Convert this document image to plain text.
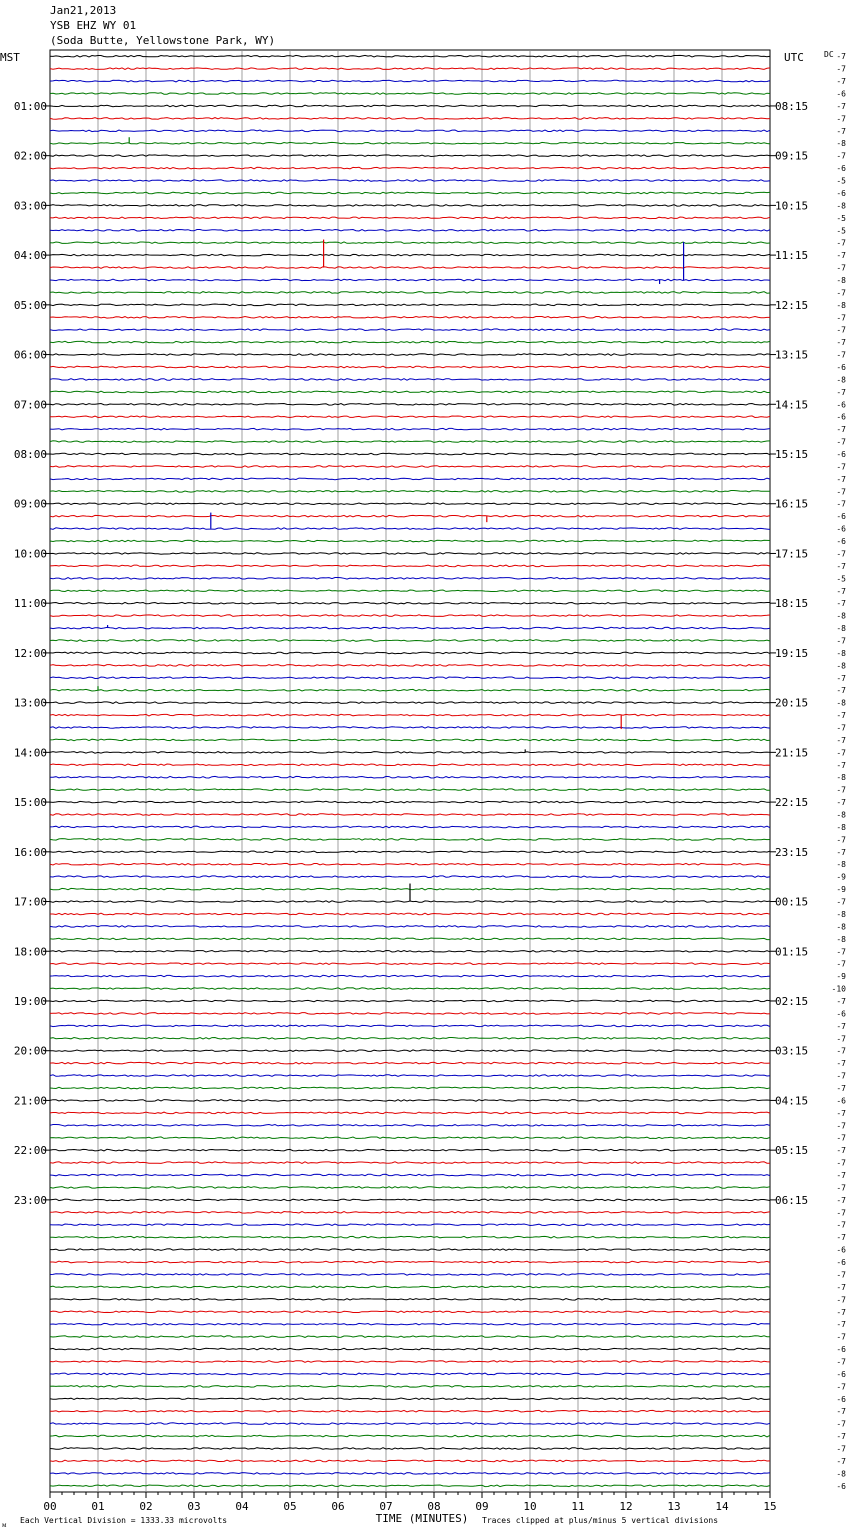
Jan21,2013
YSB EHZ WY 01
(Soda Butte, Yellowstone Park, WY)
01:00
02:00
03:00
04:00
05:00
06:00
07:00
08:00
09:00
10:00
11:00
12:00
13:00
14:00
15:00
16:00
17:00
18:00
19:00
20:00
21:00
22:00
23:00
08:15
09:15
10:15
11:15
12:15
13:15
14:15
15:15
16:15
17:15
18:15
19:15
20:15
21:15
22:15
23:15
00:15
01:15
02:15
03:15
04:15
05:15
06:15
MST	UTC	DC -7
-7
-7
-6
-7
-7
-7
-8
-7
-6
-5
-6
-8
-5
-5
-7
-7
-7
-8
-7
-8
-7
-7
-7
-7
-6
-8
-7
-6
-6
-7
-7
-6
-7
-7
-7
-7
-6
-6
-6
-7
-7
-5
-7
-7
-8
-8
-7
-8
-8
-7
-7
-8
-7
-7
-7
-7
-7
-8
-7
-7
-8
-8
-7
-7
-8
-9
-9
-7
-8
-8
-8
-7
-7
-9
-10
-7
-6
-7
-7
-7
-7
-7
-7
-6
-7
-7
-7
-7
-7
-7
-7
-7
-7
-7
-7
-6
-6
-7
-7
-7
-7
-7
-7
-6
-7
-6
-7
-6
-7
-7
-7
-7
-7
-8
-6
00	01	02	03	04	05	06	07	08	09	10	11	12	13	14	15
TIME (MINUTES)
Each Vertical Division = 1333.33 microvolts	Traces clipped at plus/minus 5 vertical divisions
ᴍ
